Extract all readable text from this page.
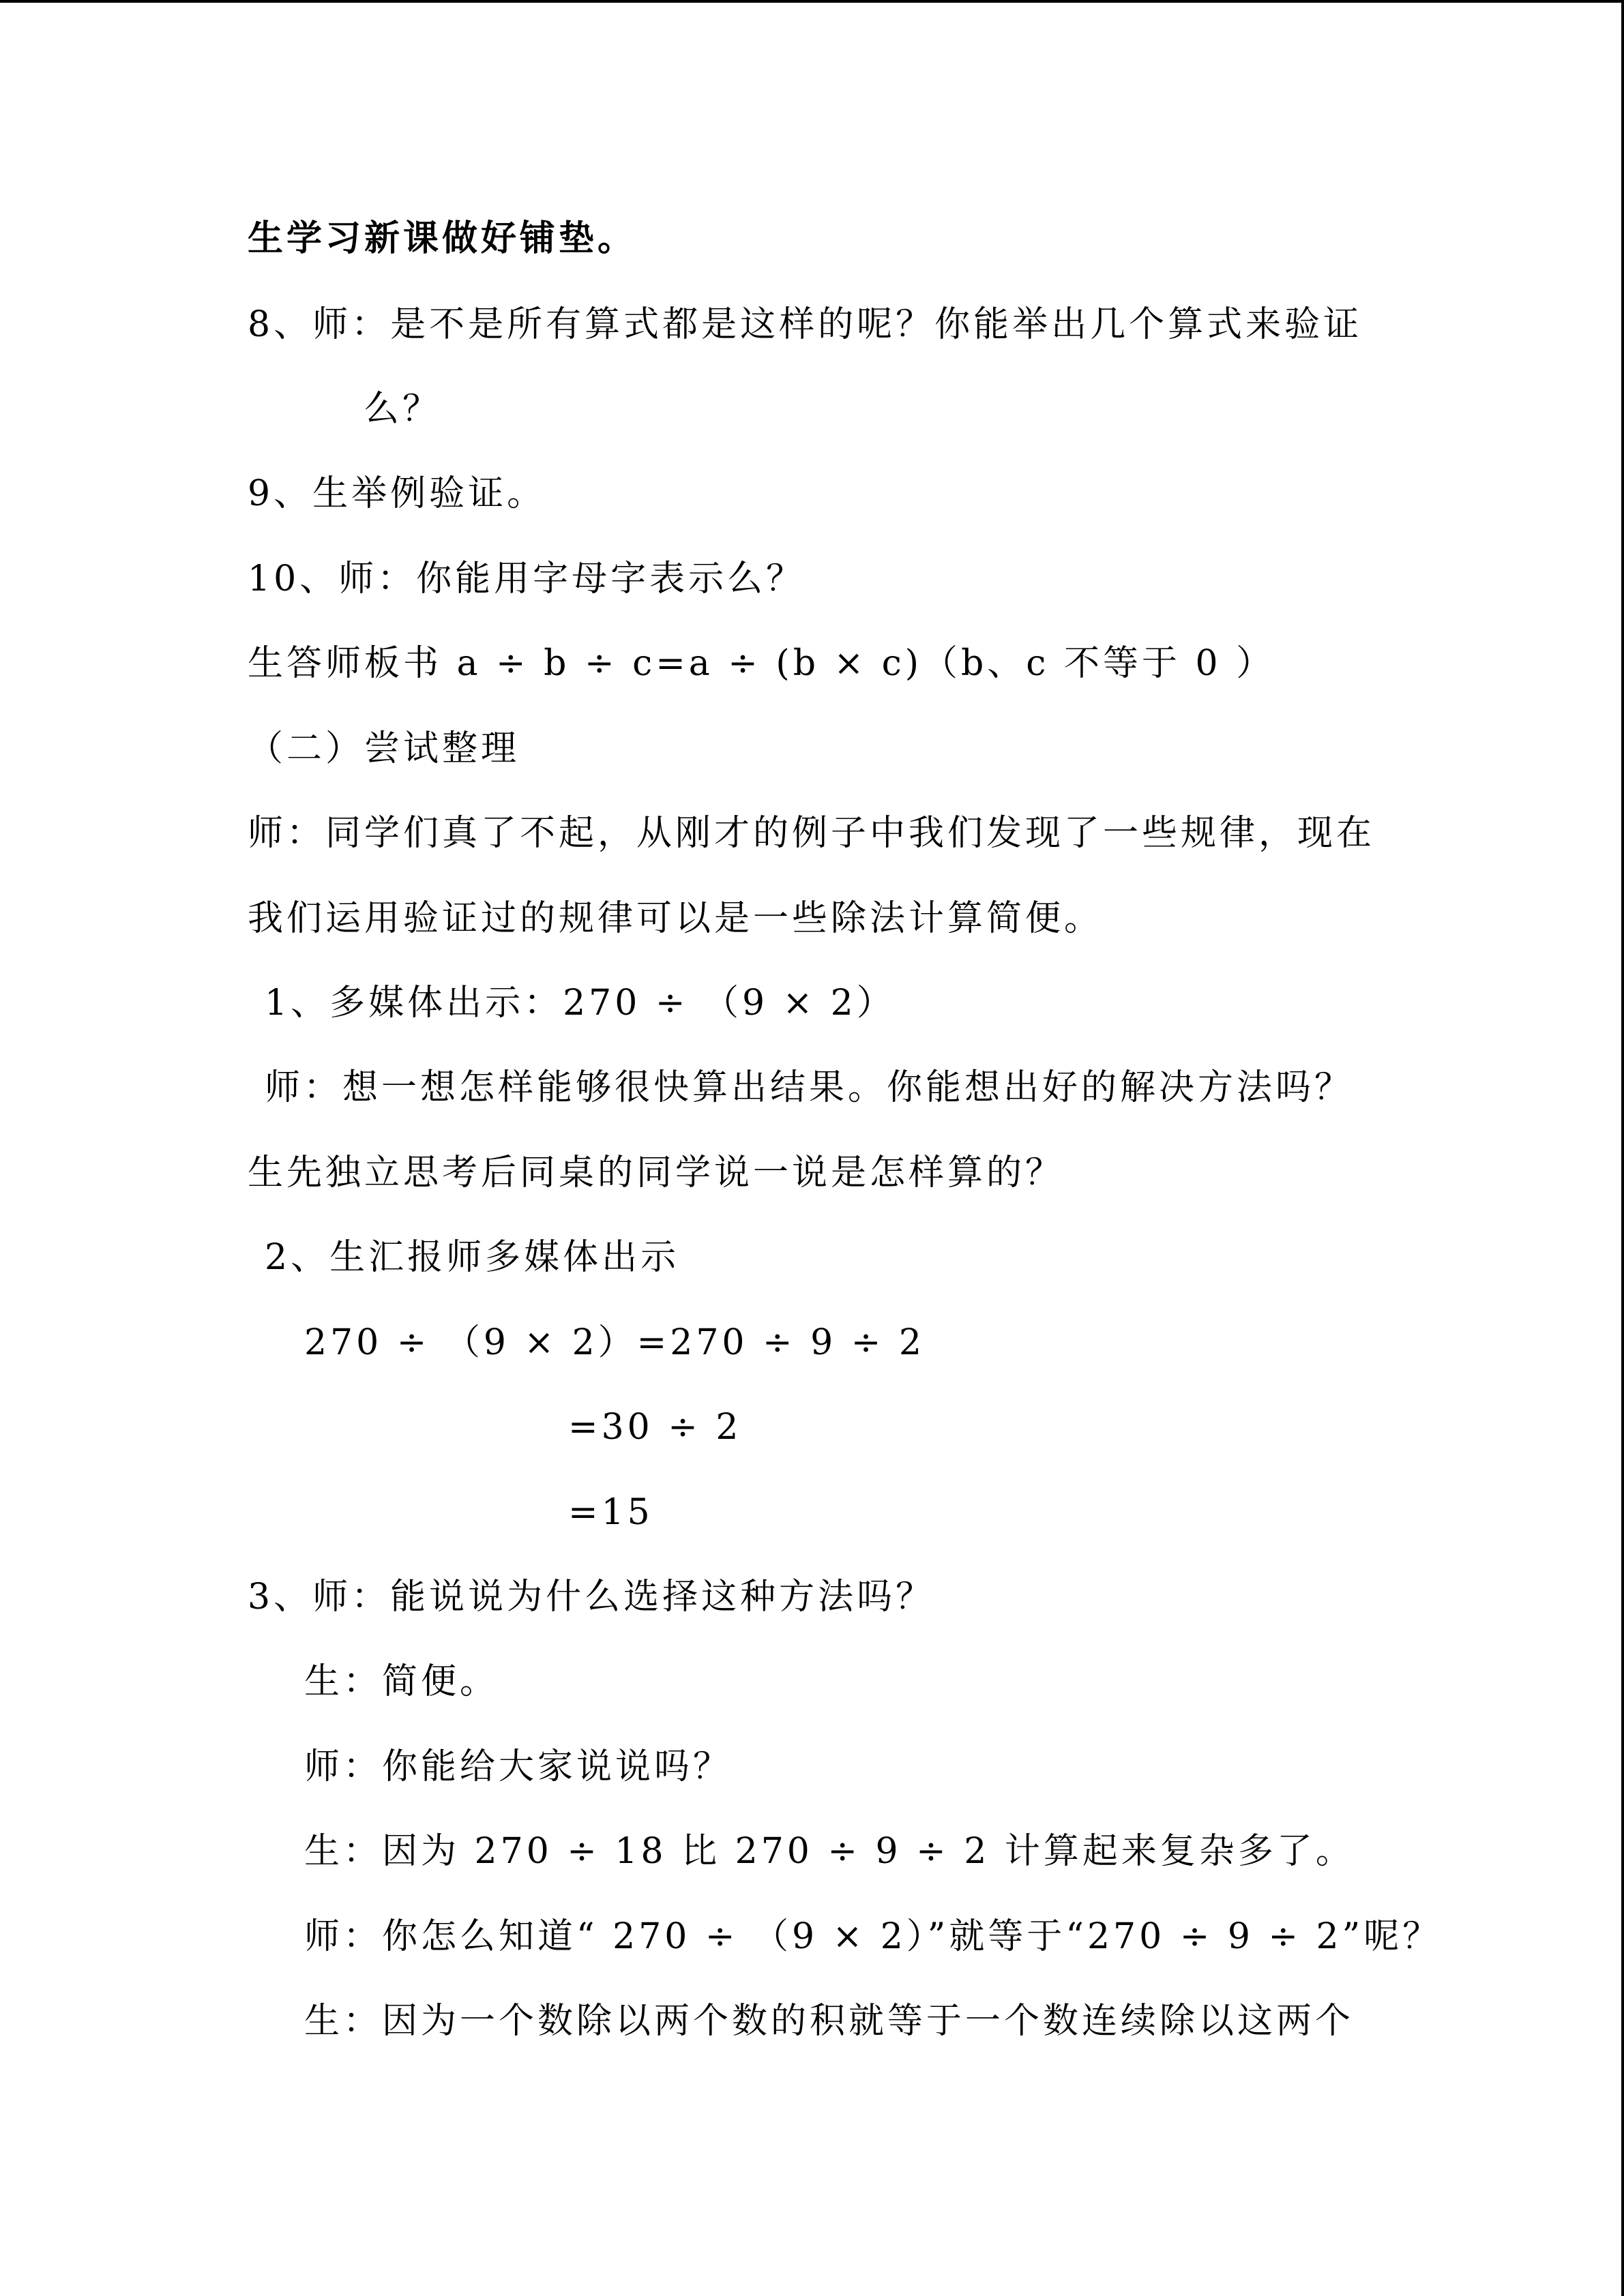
生学习新课做好铺垫。
8、师：是不是所有算式都是这样的呢？你能举出几个算式来验证
么？
9、生举例验证。
10、师：你能用字母字表示么？
生答师板书 a ÷ b ÷ c=a ÷ (b × c)（b、c 不等于 0 ）
（二）尝试整理
师：同学们真了不起，从刚才的例子中我们发现了一些规律，现在
我们运用验证过的规律可以是一些除法计算简便。
1、多媒体出示：270 ÷ （9 × 2）
师：想一想怎样能够很快算出结果。你能想出好的解决方法吗？
生先独立思考后同桌的同学说一说是怎样算的？
2、生汇报师多媒体出示
270 ÷ （9 × 2）=270 ÷ 9 ÷ 2
=30 ÷ 2
=15
3、师：能说说为什么选择这种方法吗？
生：简便。
师：你能给大家说说吗？
生：因为 270 ÷ 18 比 270 ÷ 9 ÷ 2 计算起来复杂多了。
师：你怎么知道“ 270 ÷ （9 × 2）”就等于“270 ÷ 9 ÷ 2”呢？
生：因为一个数除以两个数的积就等于一个数连续除以这两个
